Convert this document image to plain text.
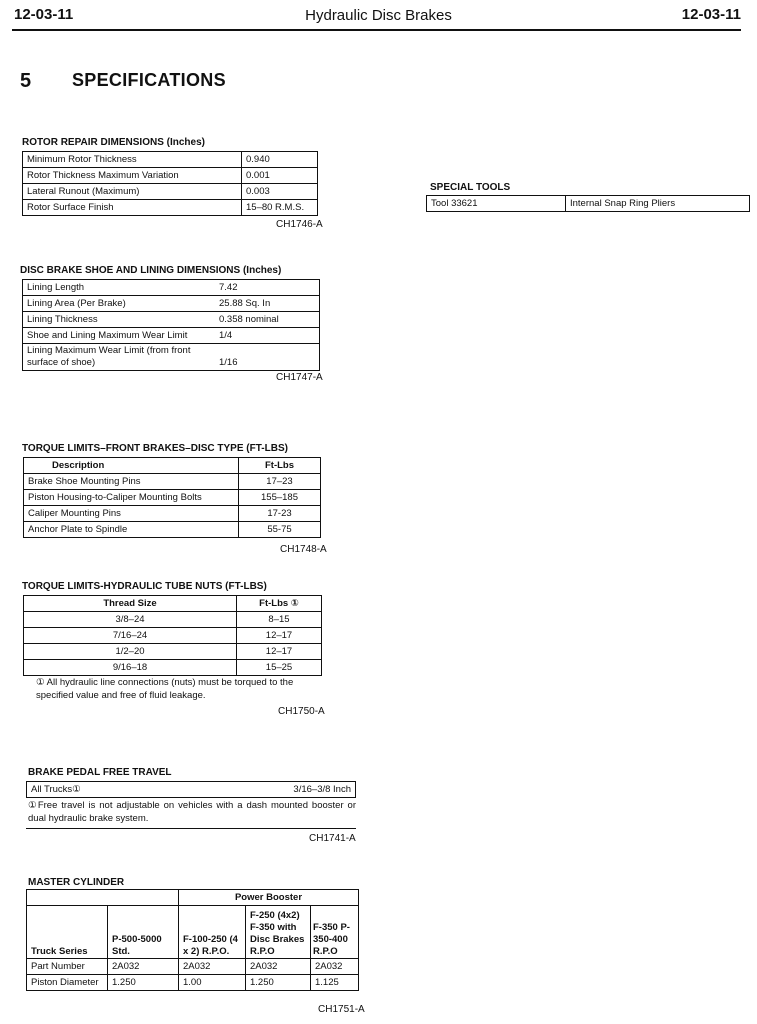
12-03-11	Hydraulic Disc Brakes	12-03-11
5 SPECIFICATIONS
ROTOR REPAIR DIMENSIONS (Inches)
Minimum Rotor Thickness	0.940
Rotor Thickness Maximum Variation	0.001
Lateral Runout (Maximum)	0.003
Rotor Surface Finish	15–80 R.M.S.
CH1746-A
SPECIAL TOOLS
Tool 33621	Internal Snap Ring Pliers
DISC BRAKE SHOE AND LINING DIMENSIONS (Inches)
Lining Length	7.42
Lining Area (Per Brake)	25.88 Sq. In
Lining Thickness	0.358 nominal
Shoe and Lining Maximum Wear Limit	1/4
Lining Maximum Wear Limit (from front surface of shoe)	1/16
CH1747-A
TORQUE LIMITS–FRONT BRAKES–DISC TYPE (FT-LBS)
Description	Ft-Lbs
Brake Shoe Mounting Pins	17–23
Piston Housing-to-Caliper Mounting Bolts	155–185
Caliper Mounting Pins	17-23
Anchor Plate to Spindle	55-75
CH1748-A
TORQUE LIMITS-HYDRAULIC TUBE NUTS (FT-LBS)
Thread Size	Ft-Lbs ①
3/8–24	8–15
7/16–24	12–17
1/2–20	12–17
9/16–18	15–25
① All hydraulic line connections (nuts) must be torqued to the specified value and free of fluid leakage.
CH1750-A
BRAKE PEDAL FREE TRAVEL
All Trucks①	3/16–3/8 Inch
①Free travel is not adjustable on vehicles with a dash mounted booster or dual hydraulic brake system.
CH1741-A
MASTER CYLINDER
		Power Booster		
Truck Series	P-500-5000 Std.	F-100-250 (4 x 2) R.P.O.	F-250 (4x2) F-350 with Disc Brakes R.P.O	F-350 P-350-400 R.P.O
Part Number	2A032	2A032	2A032	2A032
Piston Diameter	1.250	1.00	1.250	1.125
CH1751-A
